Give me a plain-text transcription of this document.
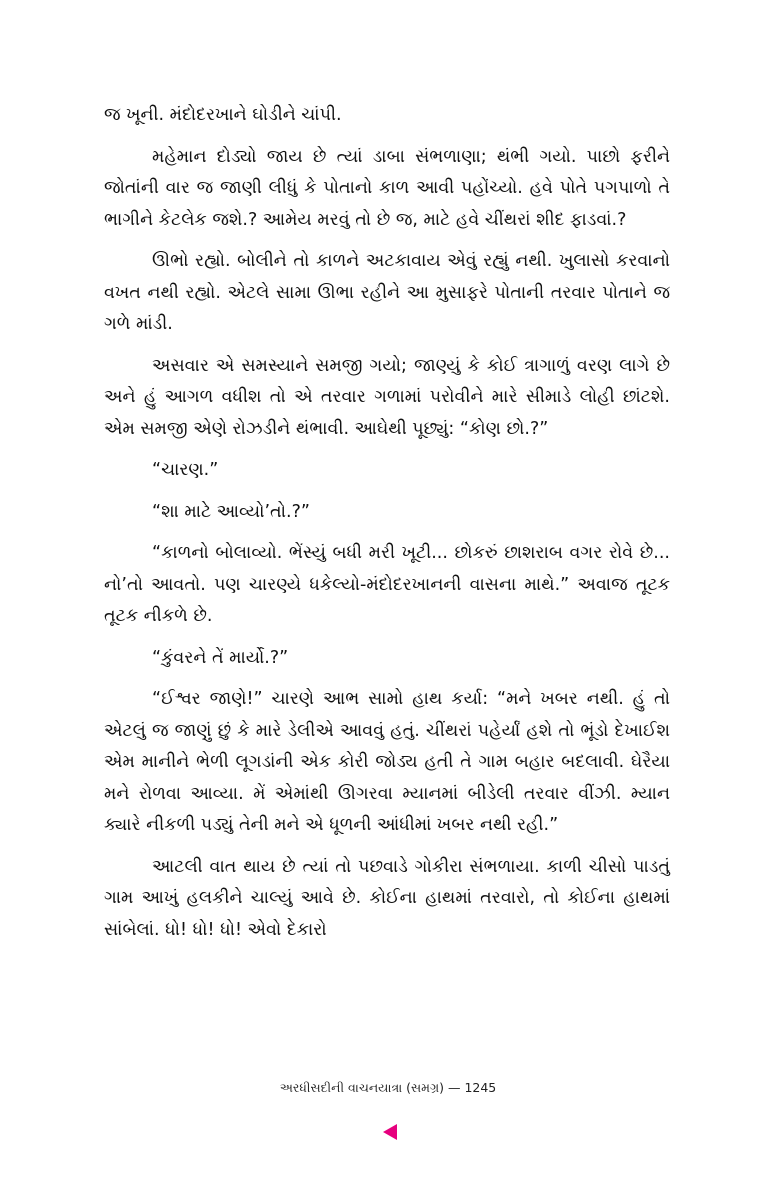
જ ખૂની. મંદોદરખાને ઘોડીને ચાંપી.

મહેમાન દોડ્યો જાય છે ત્યાં ડાબા સંભળાણા; થંભી ગયો. પાછો ફરીને જોતાંની વાર જ જાણી લીધું કે પોતાનો કાળ આવી પહોંચ્યો. હવે પોતે પગપાળો તે ભાગીને કેટલેક જશે.? આમેય મરવું તો છે જ, માટે હવે ચીંથરાં શીદ ફાડવાં.?

ઊભો રહ્યો. બોલીને તો કાળને અટકાવાય એવું રહ્યું નથી. ખુલાસો કરવાનો વખત નથી રહ્યો. એટલે સામા ઊભા રહીને આ મુસાફરે પોતાની તરવાર પોતાને જ ગળે માંડી.

અસવાર એ સમસ્યાને સમજી ગયો; જાણ્યું કે કોઈ ત્રાગાળું વરણ લાગે છે અને હું આગળ વધીશ તો એ તરવાર ગળામાં પરોવીને મારે સીમાડે લોહી છાંટશે. એમ સમજી એણે રોઝડીને થંભાવી. આઘેથી પૂછ્યું: “કોણ છો.?”

“ચારણ.”

“શા માટે આવ્યો’તો.?”

“કાળનો બોલાવ્યો. ભેંસ્યું બધી મરી ખૂટી... છોકરું છાશરાબ વગર રોવે છે... નો’તો આવતો. પણ ચારણ્યે ધકેલ્યો-મંદોદરખાનની વાસના માથે.” અવાજ તૂટક તૂટક નીકળે છે.

“કુંવરને તેં માર્યો.?”

“ઈશ્વર જાણે!” ચારણે આભ સામો હાથ કર્યા: “મને ખબર નથી. હું તો એટલું જ જાણું છું કે મારે ડેલીએ આવવું હતું. ચીંથરાં પહેર્યાં હશે તો ભૂંડો દેખાઈશ એમ માનીને ભેળી લૂગડાંની એક કોરી જોડ્ય હતી તે ગામ બહાર બદલાવી. ઘેરૈયા મને રોળવા આવ્યા. મેં એમાંથી ઊગરવા મ્યાનમાં બીડેલી તરવાર વીંઝી. મ્યાન ક્યારે નીકળી પડ્યું તેની મને એ ધૂળની આંધીમાં ખબર નથી રહી.”

આટલી વાત થાય છે ત્યાં તો પછવાડે ગોકીરા સંભળાયા. કાળી ચીસો પાડતું ગામ આખું હલકીને ચાલ્યું આવે છે. કોઈના હાથમાં તરવારો, તો કોઈના હાથમાં સાંબેલાં. ધો! ધો! ધો! એવો દેકારો

અરધીસદીની વાચનયાત્રા (સમગ્ર) — 1245
